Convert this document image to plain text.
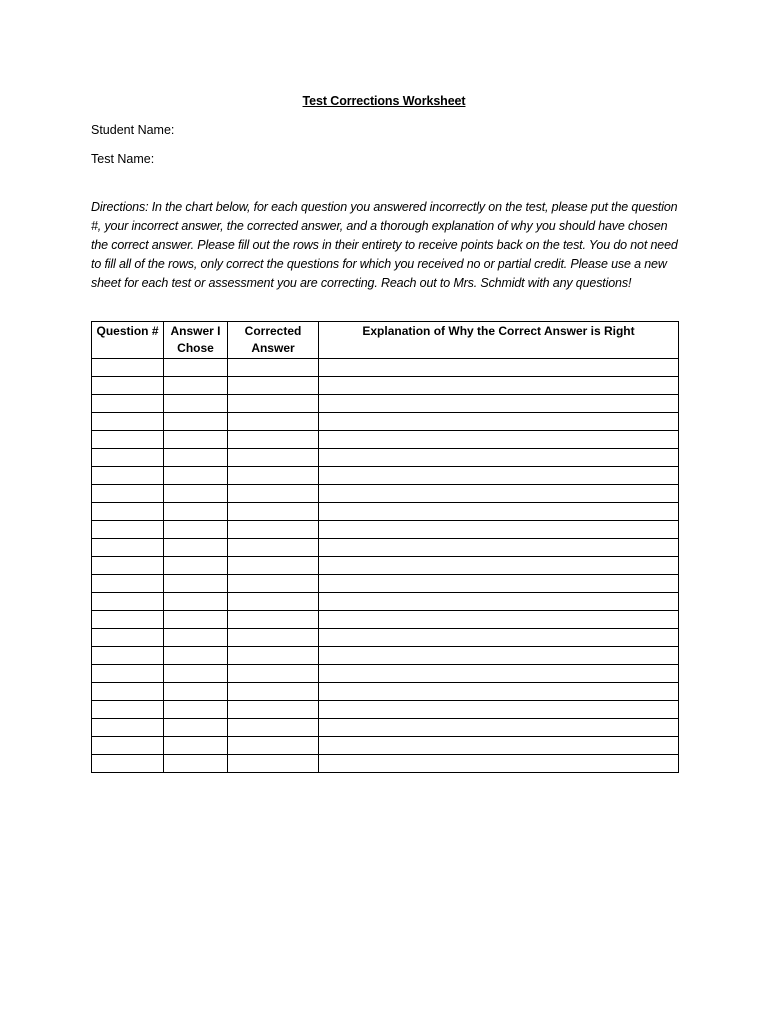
Test Corrections Worksheet
Student Name:
Test Name:
Directions: In the chart below, for each question you answered incorrectly on the test, please put the question #, your incorrect answer, the corrected answer, and a thorough explanation of why you should have chosen the correct answer. Please fill out the rows in their entirety to receive points back on the test. You do not need to fill all of the rows, only correct the questions for which you received no or partial credit. Please use a new sheet for each test or assessment you are correcting. Reach out to Mrs. Schmidt with any questions!
Question #	Answer I Chose	Corrected Answer	Explanation of Why the Correct Answer is Right
